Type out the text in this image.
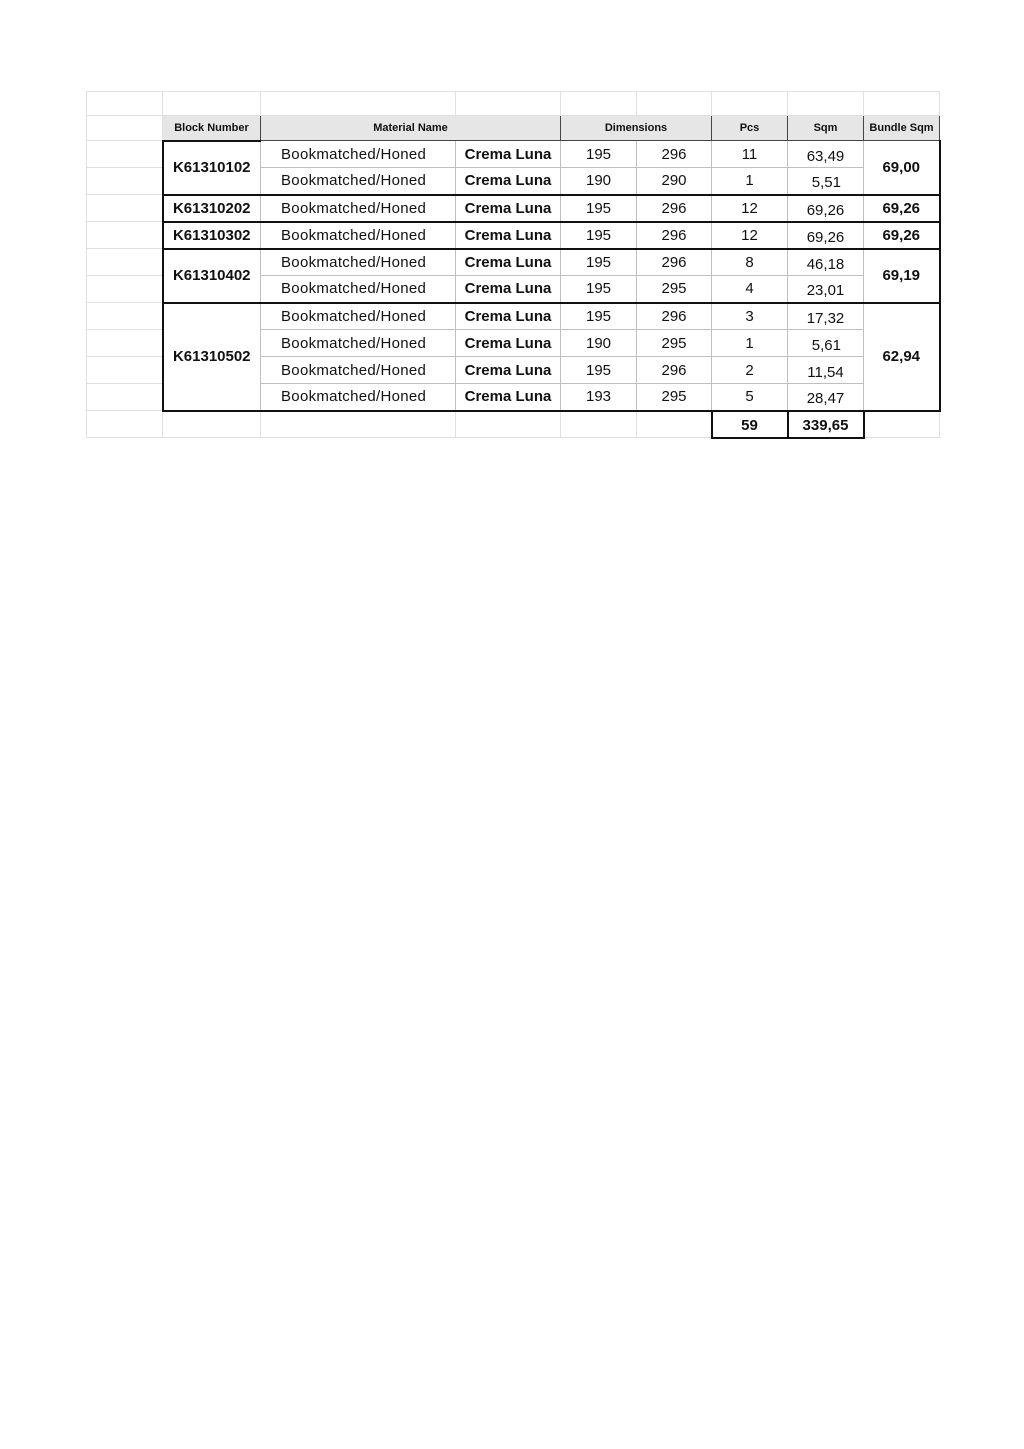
	Block Number	Material Name		Dimensions		Pcs	Sqm	Bundle Sqm
	K61310102	Bookmatched/Honed	Crema Luna	195	296	11	63,49	69,00
		Bookmatched/Honed	Crema Luna	190	290	1	5,51	
	K61310202	Bookmatched/Honed	Crema Luna	195	296	12	69,26	69,26
	K61310302	Bookmatched/Honed	Crema Luna	195	296	12	69,26	69,26
	K61310402	Bookmatched/Honed	Crema Luna	195	296	8	46,18	69,19
		Bookmatched/Honed	Crema Luna	195	295	4	23,01	
	K61310502	Bookmatched/Honed	Crema Luna	195	296	3	17,32	62,94
		Bookmatched/Honed	Crema Luna	190	295	1	5,61	
		Bookmatched/Honed	Crema Luna	195	296	2	11,54	
		Bookmatched/Honed	Crema Luna	193	295	5	28,47	
						59	339,65	
